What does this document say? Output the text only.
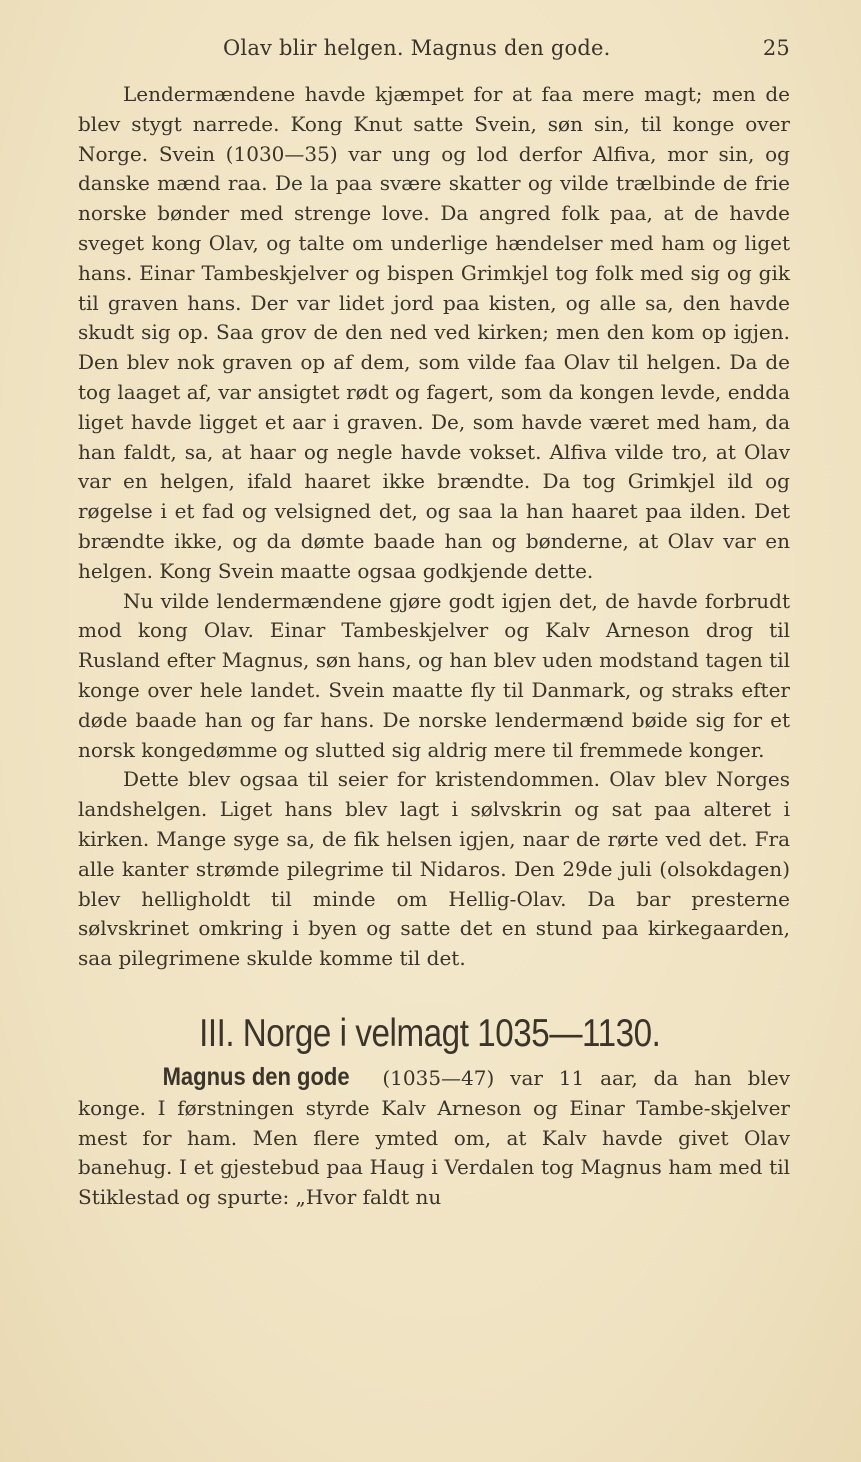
Olav blir helgen. Magnus den gode.	25

Lendermændene havde kjæmpet for at faa mere magt; men de blev stygt narrede. Kong Knut satte Svein, søn sin, til konge over Norge. Svein (1030—35) var ung og lod derfor Alfiva, mor sin, og danske mænd raa. De la paa svære skatter og vilde trælbinde de frie norske bønder med strenge love. Da angred folk paa, at de havde sveget kong Olav, og talte om underlige hændelser med ham og liget hans. Einar Tambeskjelver og bispen Grimkjel tog folk med sig og gik til graven hans. Der var lidet jord paa kisten, og alle sa, den havde skudt sig op. Saa grov de den ned ved kirken; men den kom op igjen. Den blev nok graven op af dem, som vilde faa Olav til helgen. Da de tog laaget af, var ansigtet rødt og fagert, som da kongen levde, endda liget havde ligget et aar i graven. De, som havde været med ham, da han faldt, sa, at haar og negle havde vokset. Alfiva vilde tro, at Olav var en helgen, ifald haaret ikke brændte. Da tog Grimkjel ild og røgelse i et fad og velsigned det, og saa la han haaret paa ilden. Det brændte ikke, og da dømte baade han og bønderne, at Olav var en helgen. Kong Svein maatte ogsaa godkjende dette.

Nu vilde lendermændene gjøre godt igjen det, de havde forbrudt mod kong Olav. Einar Tambeskjelver og Kalv Arneson drog til Rusland efter Magnus, søn hans, og han blev uden modstand tagen til konge over hele landet. Svein maatte fly til Danmark, og straks efter døde baade han og far hans. De norske lendermænd bøide sig for et norsk kongedømme og slutted sig aldrig mere til fremmede konger.

Dette blev ogsaa til seier for kristendommen. Olav blev Norges landshelgen. Liget hans blev lagt i sølvskrin og sat paa alteret i kirken. Mange syge sa, de fik helsen igjen, naar de rørte ved det. Fra alle kanter strømde pilegrime til Nidaros. Den 29de juli (olsokdagen) blev helligholdt til minde om Hellig-Olav. Da bar presterne sølvskrinet omkring i byen og satte det en stund paa kirkegaarden, saa pilegrimene skulde komme til det.

III. Norge i velmagt 1035—1130.

Magnus den gode (1035—47) var 11 aar, da han blev konge. I førstningen styrde Kalv Arneson og Einar Tambe-skjelver mest for ham. Men flere ymted om, at Kalv havde givet Olav banehug. I et gjestebud paa Haug i Verdalen tog Magnus ham med til Stiklestad og spurte: „Hvor faldt nu
